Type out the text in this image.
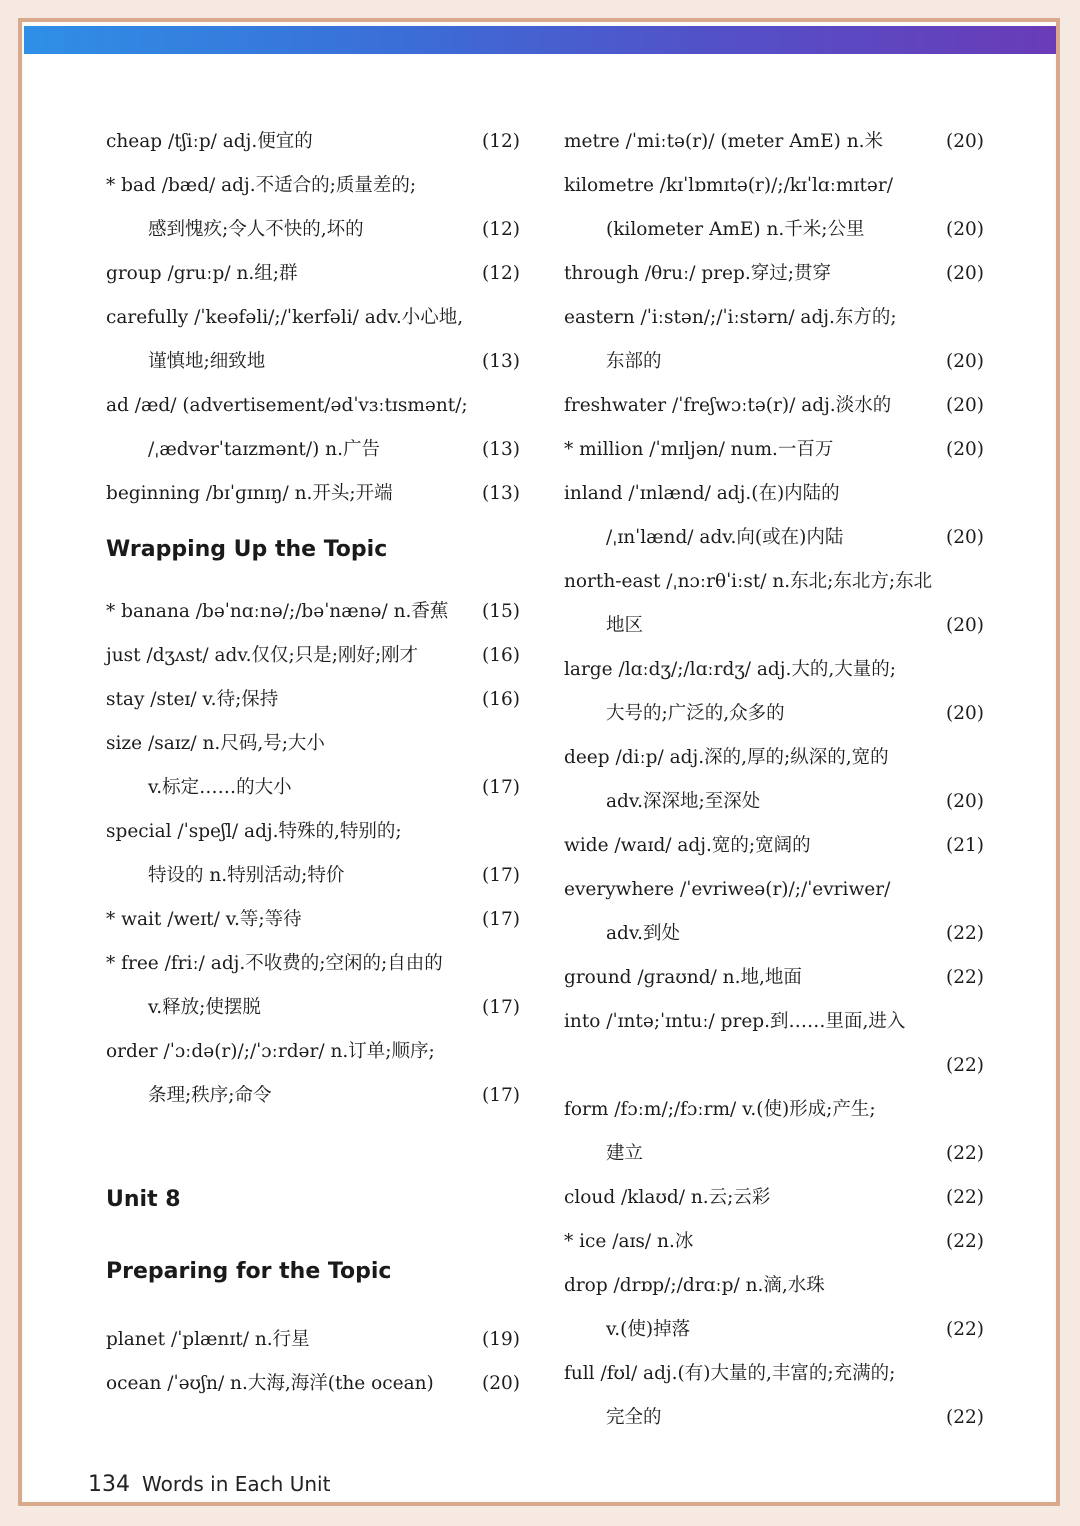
cheap /tʃiːp/ adj.便宜的	(12)
* bad /bæd/ adj.不适合的;质量差的;
感到愧疚;令人不快的,坏的	(12)
group /gruːp/ n.组;群	(12)
carefully /ˈkeəfəli/;/ˈkerfəli/ adv.小心地,
谨慎地;细致地	(13)
ad /æd/ (advertisement/ədˈvɜːtɪsmənt/;
/ˌædvərˈtaɪzmənt/) n.广告	(13)
beginning /bɪˈɡɪnɪŋ/ n.开头;开端	(13)
Wrapping Up the Topic
* banana /bəˈnɑːnə/;/bəˈnænə/ n.香蕉 (15)
just /dʒʌst/ adv.仅仅;只是;刚好;刚才	(16)
stay /steɪ/ v.待;保持	(16)
size /saɪz/ n.尺码,号;大小
v.标定……的大小	(17)
special /ˈspeʃl/ adj.特殊的,特别的;
特设的 n.特别活动;特价	(17)
* wait /weɪt/ v.等;等待	(17)
* free /friː/ adj.不收费的;空闲的;自由的
v.释放;使摆脱	(17)
order /ˈɔːdə(r)/;/ˈɔːrdər/ n.订单;顺序;
条理;秩序;命令	(17)
Unit 8
Preparing for the Topic
planet /ˈplænɪt/ n.行星	(19)
ocean /ˈəʊʃn/ n.大海,海洋(the ocean)	(20)
metre /ˈmiːtə(r)/ (meter AmE) n.米	(20)
kilometre /kɪˈlɒmɪtə(r)/;/kɪˈlɑːmɪtər/
(kilometer AmE) n.千米;公里	(20)
through /θruː/ prep.穿过;贯穿	(20)
eastern /ˈiːstən/;/ˈiːstərn/ adj.东方的;
东部的	(20)
freshwater /ˈfreʃwɔːtə(r)/ adj.淡水的	(20)
* million /ˈmɪljən/ num.一百万	(20)
inland /ˈɪnlænd/ adj.(在)内陆的
/ˌɪnˈlænd/ adv.向(或在)内陆	(20)
north-east /ˌnɔːrθˈiːst/ n.东北;东北方;东北
地区	(20)
large /lɑːdʒ/;/lɑːrdʒ/ adj.大的,大量的;
大号的;广泛的,众多的	(20)
deep /diːp/ adj.深的,厚的;纵深的,宽的
adv.深深地;至深处	(20)
wide /waɪd/ adj.宽的;宽阔的	(21)
everywhere /ˈevriweə(r)/;/ˈevriwer/
adv.到处	(22)
ground /ɡraʊnd/ n.地,地面	(22)
into /ˈɪntə;ˈɪntuː/ prep.到……里面,进入
(22)
form /fɔːm/;/fɔːrm/ v.(使)形成;产生;
建立	(22)
cloud /klaʊd/ n.云;云彩	(22)
* ice /aɪs/ n.冰	(22)
drop /drɒp/;/drɑːp/ n.滴,水珠
v.(使)掉落	(22)
full /fʊl/ adj.(有)大量的,丰富的;充满的;
完全的	(22)
134 Words in Each Unit
